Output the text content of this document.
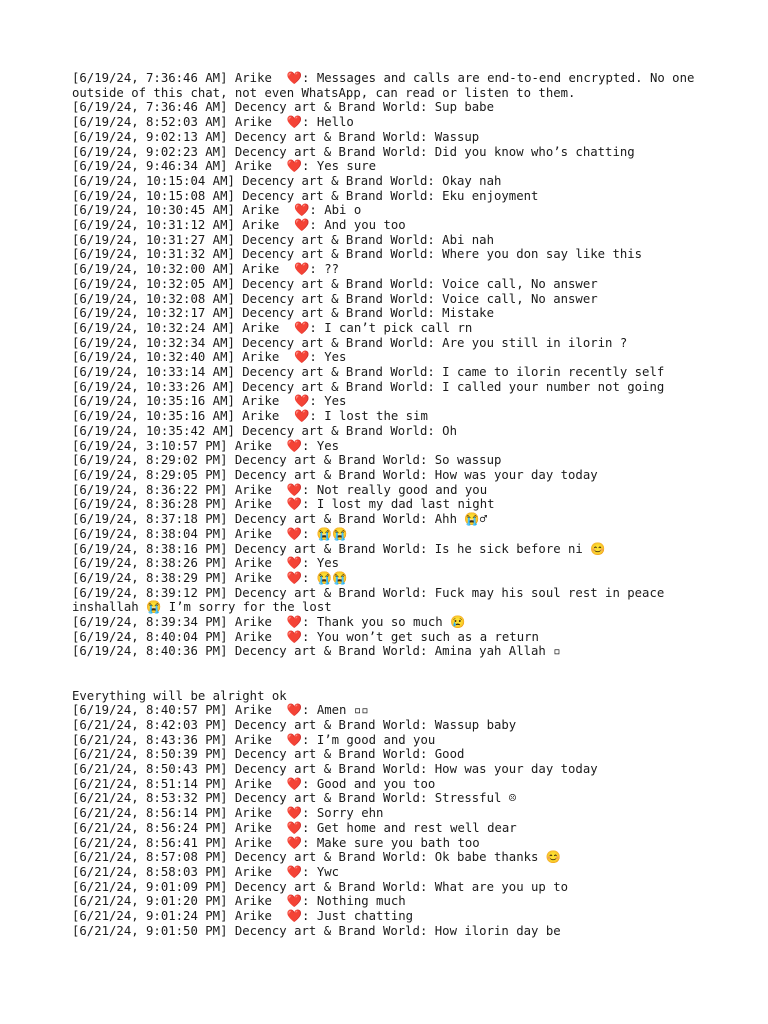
[6/19/24, 7:36:46 AM] Arike  ❤️: Messages and calls are end-to-end encrypted. No one
outside of this chat, not even WhatsApp, can read or listen to them.
[6/19/24, 7:36:46 AM] Decency art & Brand World: Sup babe
[6/19/24, 8:52:03 AM] Arike  ❤️: Hello
[6/19/24, 9:02:13 AM] Decency art & Brand World: Wassup
[6/19/24, 9:02:23 AM] Decency art & Brand World: Did you know who’s chatting
[6/19/24, 9:46:34 AM] Arike  ❤️: Yes sure
[6/19/24, 10:15:04 AM] Decency art & Brand World: Okay nah
[6/19/24, 10:15:08 AM] Decency art & Brand World: Eku enjoyment
[6/19/24, 10:30:45 AM] Arike  ❤️: Abi o
[6/19/24, 10:31:12 AM] Arike  ❤️: And you too
[6/19/24, 10:31:27 AM] Decency art & Brand World: Abi nah
[6/19/24, 10:31:32 AM] Decency art & Brand World: Where you don say like this
[6/19/24, 10:32:00 AM] Arike  ❤️: ??
[6/19/24, 10:32:05 AM] Decency art & Brand World: Voice call, No answer
[6/19/24, 10:32:08 AM] Decency art & Brand World: Voice call, No answer
[6/19/24, 10:32:17 AM] Decency art & Brand World: Mistake
[6/19/24, 10:32:24 AM] Arike  ❤️: I can’t pick call rn
[6/19/24, 10:32:34 AM] Decency art & Brand World: Are you still in ilorin ?
[6/19/24, 10:32:40 AM] Arike  ❤️: Yes
[6/19/24, 10:33:14 AM] Decency art & Brand World: I came to ilorin recently self
[6/19/24, 10:33:26 AM] Decency art & Brand World: I called your number not going
[6/19/24, 10:35:16 AM] Arike  ❤️: Yes
[6/19/24, 10:35:16 AM] Arike  ❤️: I lost the sim
[6/19/24, 10:35:42 AM] Decency art & Brand World: Oh
[6/19/24, 3:10:57 PM] Arike  ❤️: Yes
[6/19/24, 8:29:02 PM] Decency art & Brand World: So wassup
[6/19/24, 8:29:05 PM] Decency art & Brand World: How was your day today
[6/19/24, 8:36:22 PM] Arike  ❤️: Not really good and you
[6/19/24, 8:36:28 PM] Arike  ❤️: I lost my dad last night
[6/19/24, 8:37:18 PM] Decency art & Brand World: Ahh 😭♂
[6/19/24, 8:38:04 PM] Arike  ❤️: 😭😭
[6/19/24, 8:38:16 PM] Decency art & Brand World: Is he sick before ni 😊
[6/19/24, 8:38:26 PM] Arike  ❤️: Yes
[6/19/24, 8:38:29 PM] Arike  ❤️: 😭😭
[6/19/24, 8:39:12 PM] Decency art & Brand World: Fuck may his soul rest in peace
inshallah 😭 I’m sorry for the lost
[6/19/24, 8:39:34 PM] Arike  ❤️: Thank you so much 😢
[6/19/24, 8:40:04 PM] Arike  ❤️: You won’t get such as a return
[6/19/24, 8:40:36 PM] Decency art & Brand World: Amina yah Allah ▫
Everything will be alright ok
[6/19/24, 8:40:57 PM] Arike  ❤️: Amen ▫▫
[6/21/24, 8:42:03 PM] Decency art & Brand World: Wassup baby
[6/21/24, 8:43:36 PM] Arike  ❤️: I’m good and you
[6/21/24, 8:50:39 PM] Decency art & Brand World: Good
[6/21/24, 8:50:43 PM] Decency art & Brand World: How was your day today
[6/21/24, 8:51:14 PM] Arike  ❤️: Good and you too
[6/21/24, 8:53:32 PM] Decency art & Brand World: Stressful ☹
[6/21/24, 8:56:14 PM] Arike  ❤️: Sorry ehn
[6/21/24, 8:56:24 PM] Arike  ❤️: Get home and rest well dear
[6/21/24, 8:56:41 PM] Arike  ❤️: Make sure you bath too
[6/21/24, 8:57:08 PM] Decency art & Brand World: Ok babe thanks 😊
[6/21/24, 8:58:03 PM] Arike  ❤️: Ywc
[6/21/24, 9:01:09 PM] Decency art & Brand World: What are you up to
[6/21/24, 9:01:20 PM] Arike  ❤️: Nothing much
[6/21/24, 9:01:24 PM] Arike  ❤️: Just chatting
[6/21/24, 9:01:50 PM] Decency art & Brand World: How ilorin day be
